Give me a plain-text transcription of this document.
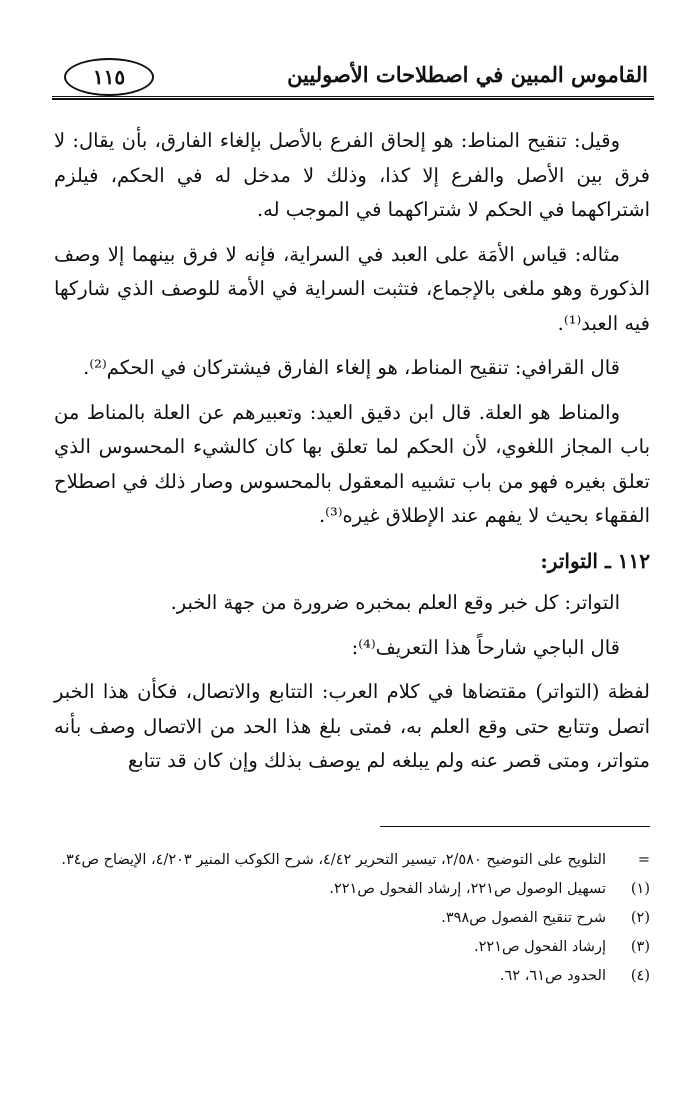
١١٥	القاموس المبين في اصطلاحات الأصوليين

وقيل: تنقيح المناط: هو إلحاق الفرع بالأصل بإلغاء الفارق، بأن يقال: لا فرق بين الأصل والفرع إلا كذا، وذلك لا مدخل له في الحكم، فيلزم اشتراكهما في الحكم لا شتراكهما في الموجب له.

مثاله: قياس الأمَة على العبد في السراية، فإنه لا فرق بينهما إلا وصف الذكورة وهو ملغى بالإجماع، فتثبت السراية في الأمة للوصف الذي شاركها فيه العبد⁽¹⁾.

قال القرافي: تنقيح المناط، هو إلغاء الفارق فيشتركان في الحكم⁽²⁾.

والمناط هو العلة. قال ابن دقيق العيد: وتعبيرهم عن العلة بالمناط من باب المجاز اللغوي، لأن الحكم لما تعلق بها كان كالشيء المحسوس الذي تعلق بغيره فهو من باب تشبيه المعقول بالمحسوس وصار ذلك في اصطلاح الفقهاء بحيث لا يفهم عند الإطلاق غيره⁽³⁾.

١١٢ ـ التواتر:

التواتر: كل خبر وقع العلم بمخبره ضرورة من جهة الخبر.

قال الباجي شارحاً هذا التعريف⁽⁴⁾:

لفظة (التواتر) مقتضاها في كلام العرب: التتابع والاتصال، فكأن هذا الخبر اتصل وتتابع حتى وقع العلم به، فمتى بلغ هذا الحد من الاتصال وصف بأنه متواتر، ومتى قصر عنه ولم يبلغه لم يوصف بذلك وإن كان قد تتابع

=
التلويح على التوضيح ٢/٥٨٠، تيسير التحرير ٤/٤٢، شرح الكوكب المنير ٤/٢٠٣، الإيضاح ص٣٤.
(١)
تسهيل الوصول ص٢٢١، إرشاد الفحول ص٢٢١.
(٢)
شرح تنقيح الفصول ص٣٩٨.
(٣)
إرشاد الفحول ص٢٢١.
(٤)
الحدود ص٦١، ٦٢.
